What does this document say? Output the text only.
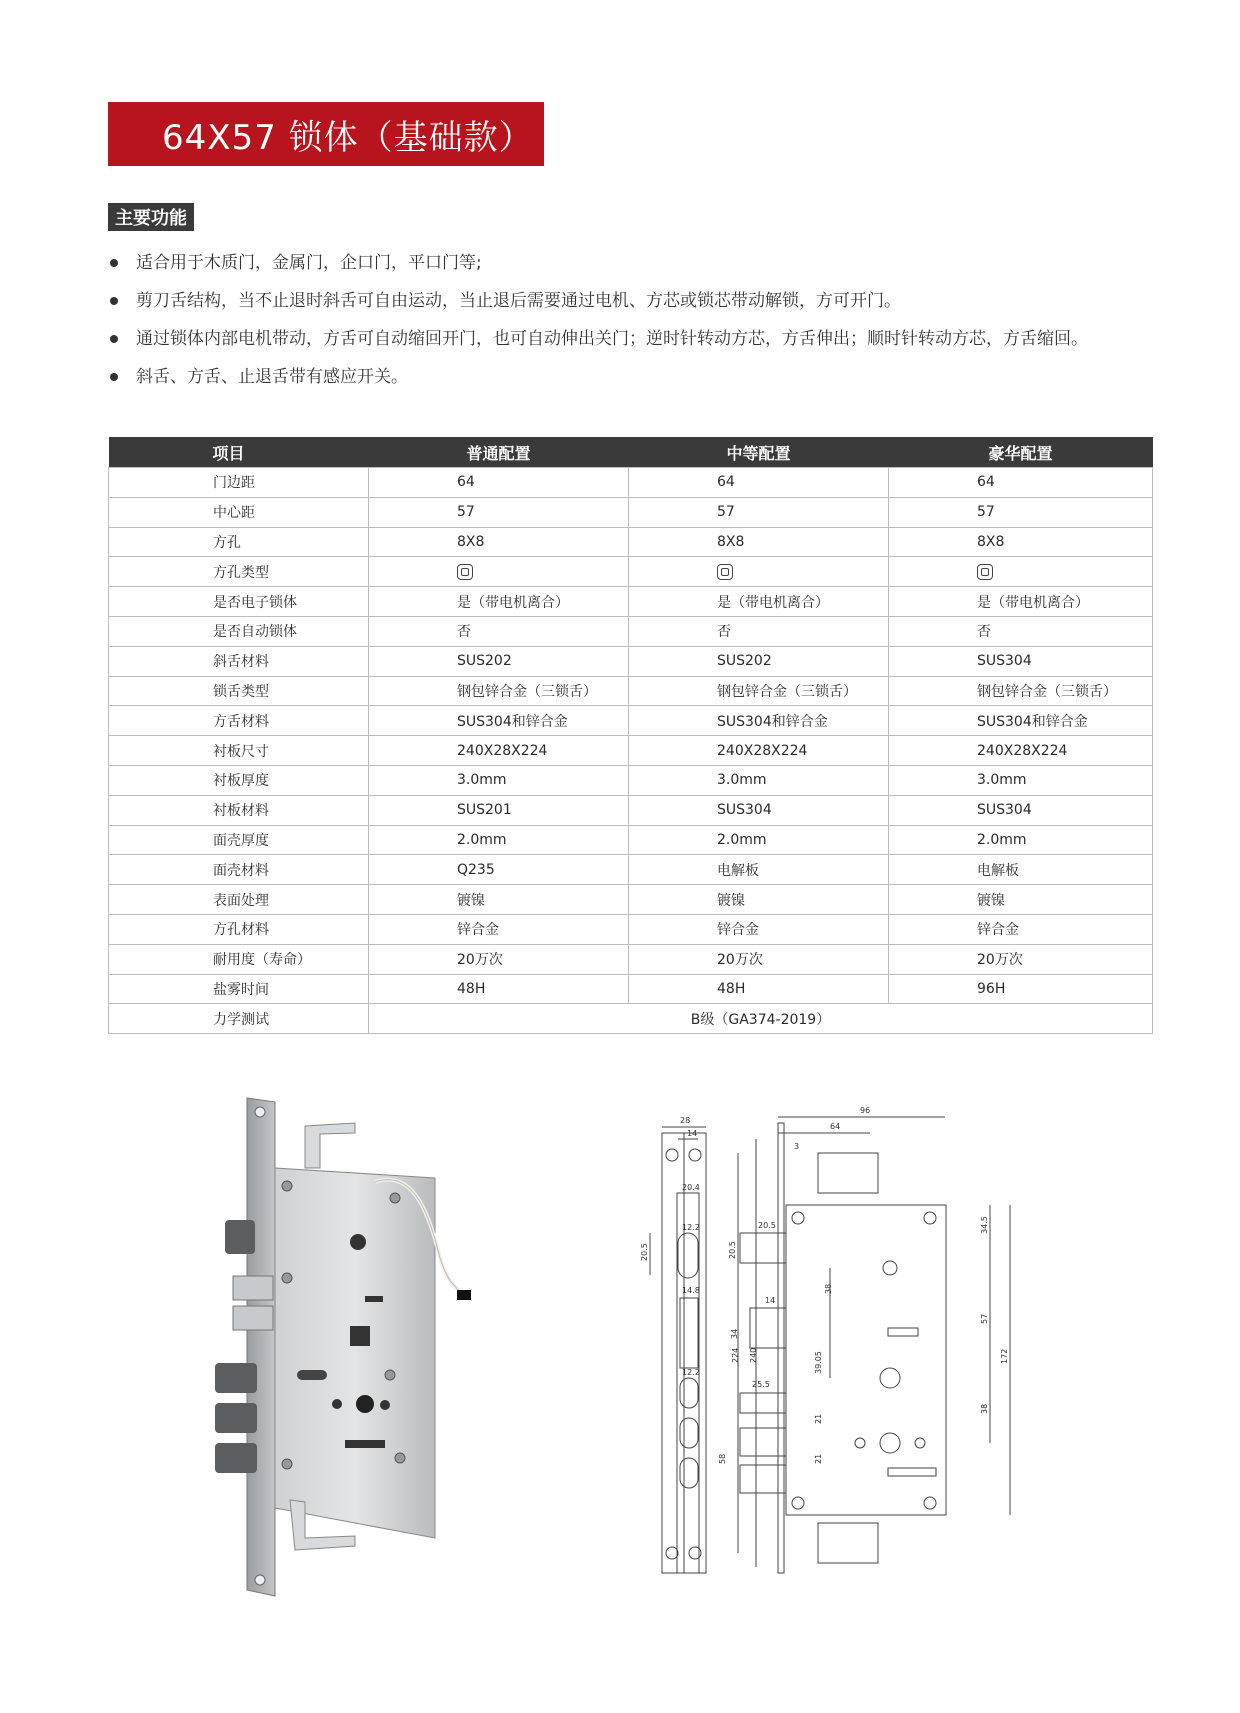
64X57 锁体（基础款）
主要功能
适合用于木质门，金属门，企口门，平口门等;
剪刀舌结构，当不止退时斜舌可自由运动，当止退后需要通过电机、方芯或锁芯带动解锁，方可开门。
通过锁体内部电机带动，方舌可自动缩回开门，也可自动伸出关门；逆时针转动方芯，方舌伸出；顺时针转动方芯，方舌缩回。
斜舌、方舌、止退舌带有感应开关。
项目	普通配置	中等配置	豪华配置
门边距	64	64	64
中心距	57	57	57
方孔	8X8	8X8	8X8
方孔类型			
是否电子锁体	是（带电机离合）	是（带电机离合）	是（带电机离合）
是否自动锁体	否	否	否
斜舌材料	SUS202	SUS202	SUS304
锁舌类型	钢包锌合金（三锁舌）	钢包锌合金（三锁舌）	钢包锌合金（三锁舌）
方舌材料	SUS304和锌合金	SUS304和锌合金	SUS304和锌合金
衬板尺寸	240X28X224	240X28X224	240X28X224
衬板厚度	3.0mm	3.0mm	3.0mm
衬板材料	SUS201	SUS304	SUS304
面壳厚度	2.0mm	2.0mm	2.0mm
面壳材料	Q235	电解板	电解板
表面处理	镀镍	镀镍	镀镍
方孔材料	锌合金	锌合金	锌合金
耐用度（寿命）	20万次	20万次	20万次
盐雾时间	48H	48H	96H
力学测试	B级（GA374-2019）		
28
14
20.4
12.2
20.5
14.8
12.2
224 240
96
64
3
20.5
20.5
14
34
25.5
58
34.5
38
57
172
39.05
38
21
21
